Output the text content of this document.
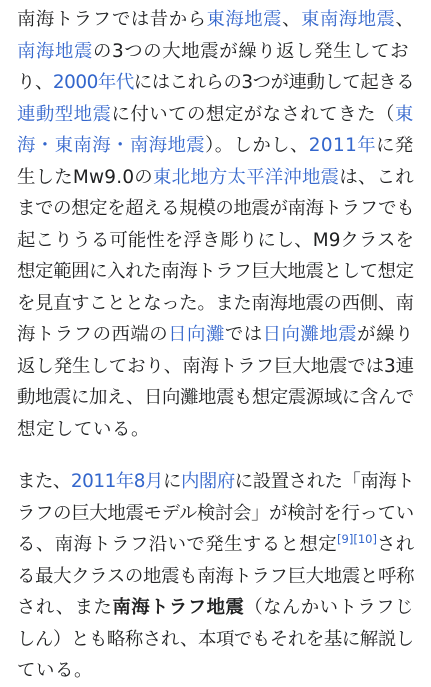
南海トラフでは昔から東海地震、東南海地震、
南海地震の3つの大地震が繰り返し発生してお
り、2000年代にはこれらの3つが連動して起きる
連動型地震に付いての想定がなされてきた（東
海・東南海・南海地震）。しかし、2011年に発
生したMw9.0の東北地方太平洋沖地震は、これ
までの想定を超える規模の地震が南海トラフでも
起こりうる可能性を浮き彫りにし、M9クラスを
想定範囲に入れた南海トラフ巨大地震として想定
を見直すこととなった。また南海地震の西側、南
海トラフの西端の日向灘では日向灘地震が繰り
返し発生しており、南海トラフ巨大地震では3連
動地震に加え、日向灘地震も想定震源域に含んで
想定している。

また、2011年8月に内閣府に設置された「南海ト
ラフの巨大地震モデル検討会」が検討を行ってい
る、南海トラフ沿いで発生すると想定[9][10]され
る最大クラスの地震も南海トラフ巨大地震と呼称
され、また南海トラフ地震（なんかいトラフじ
しん）とも略称され、本項でもそれを基に解説し
ている。
